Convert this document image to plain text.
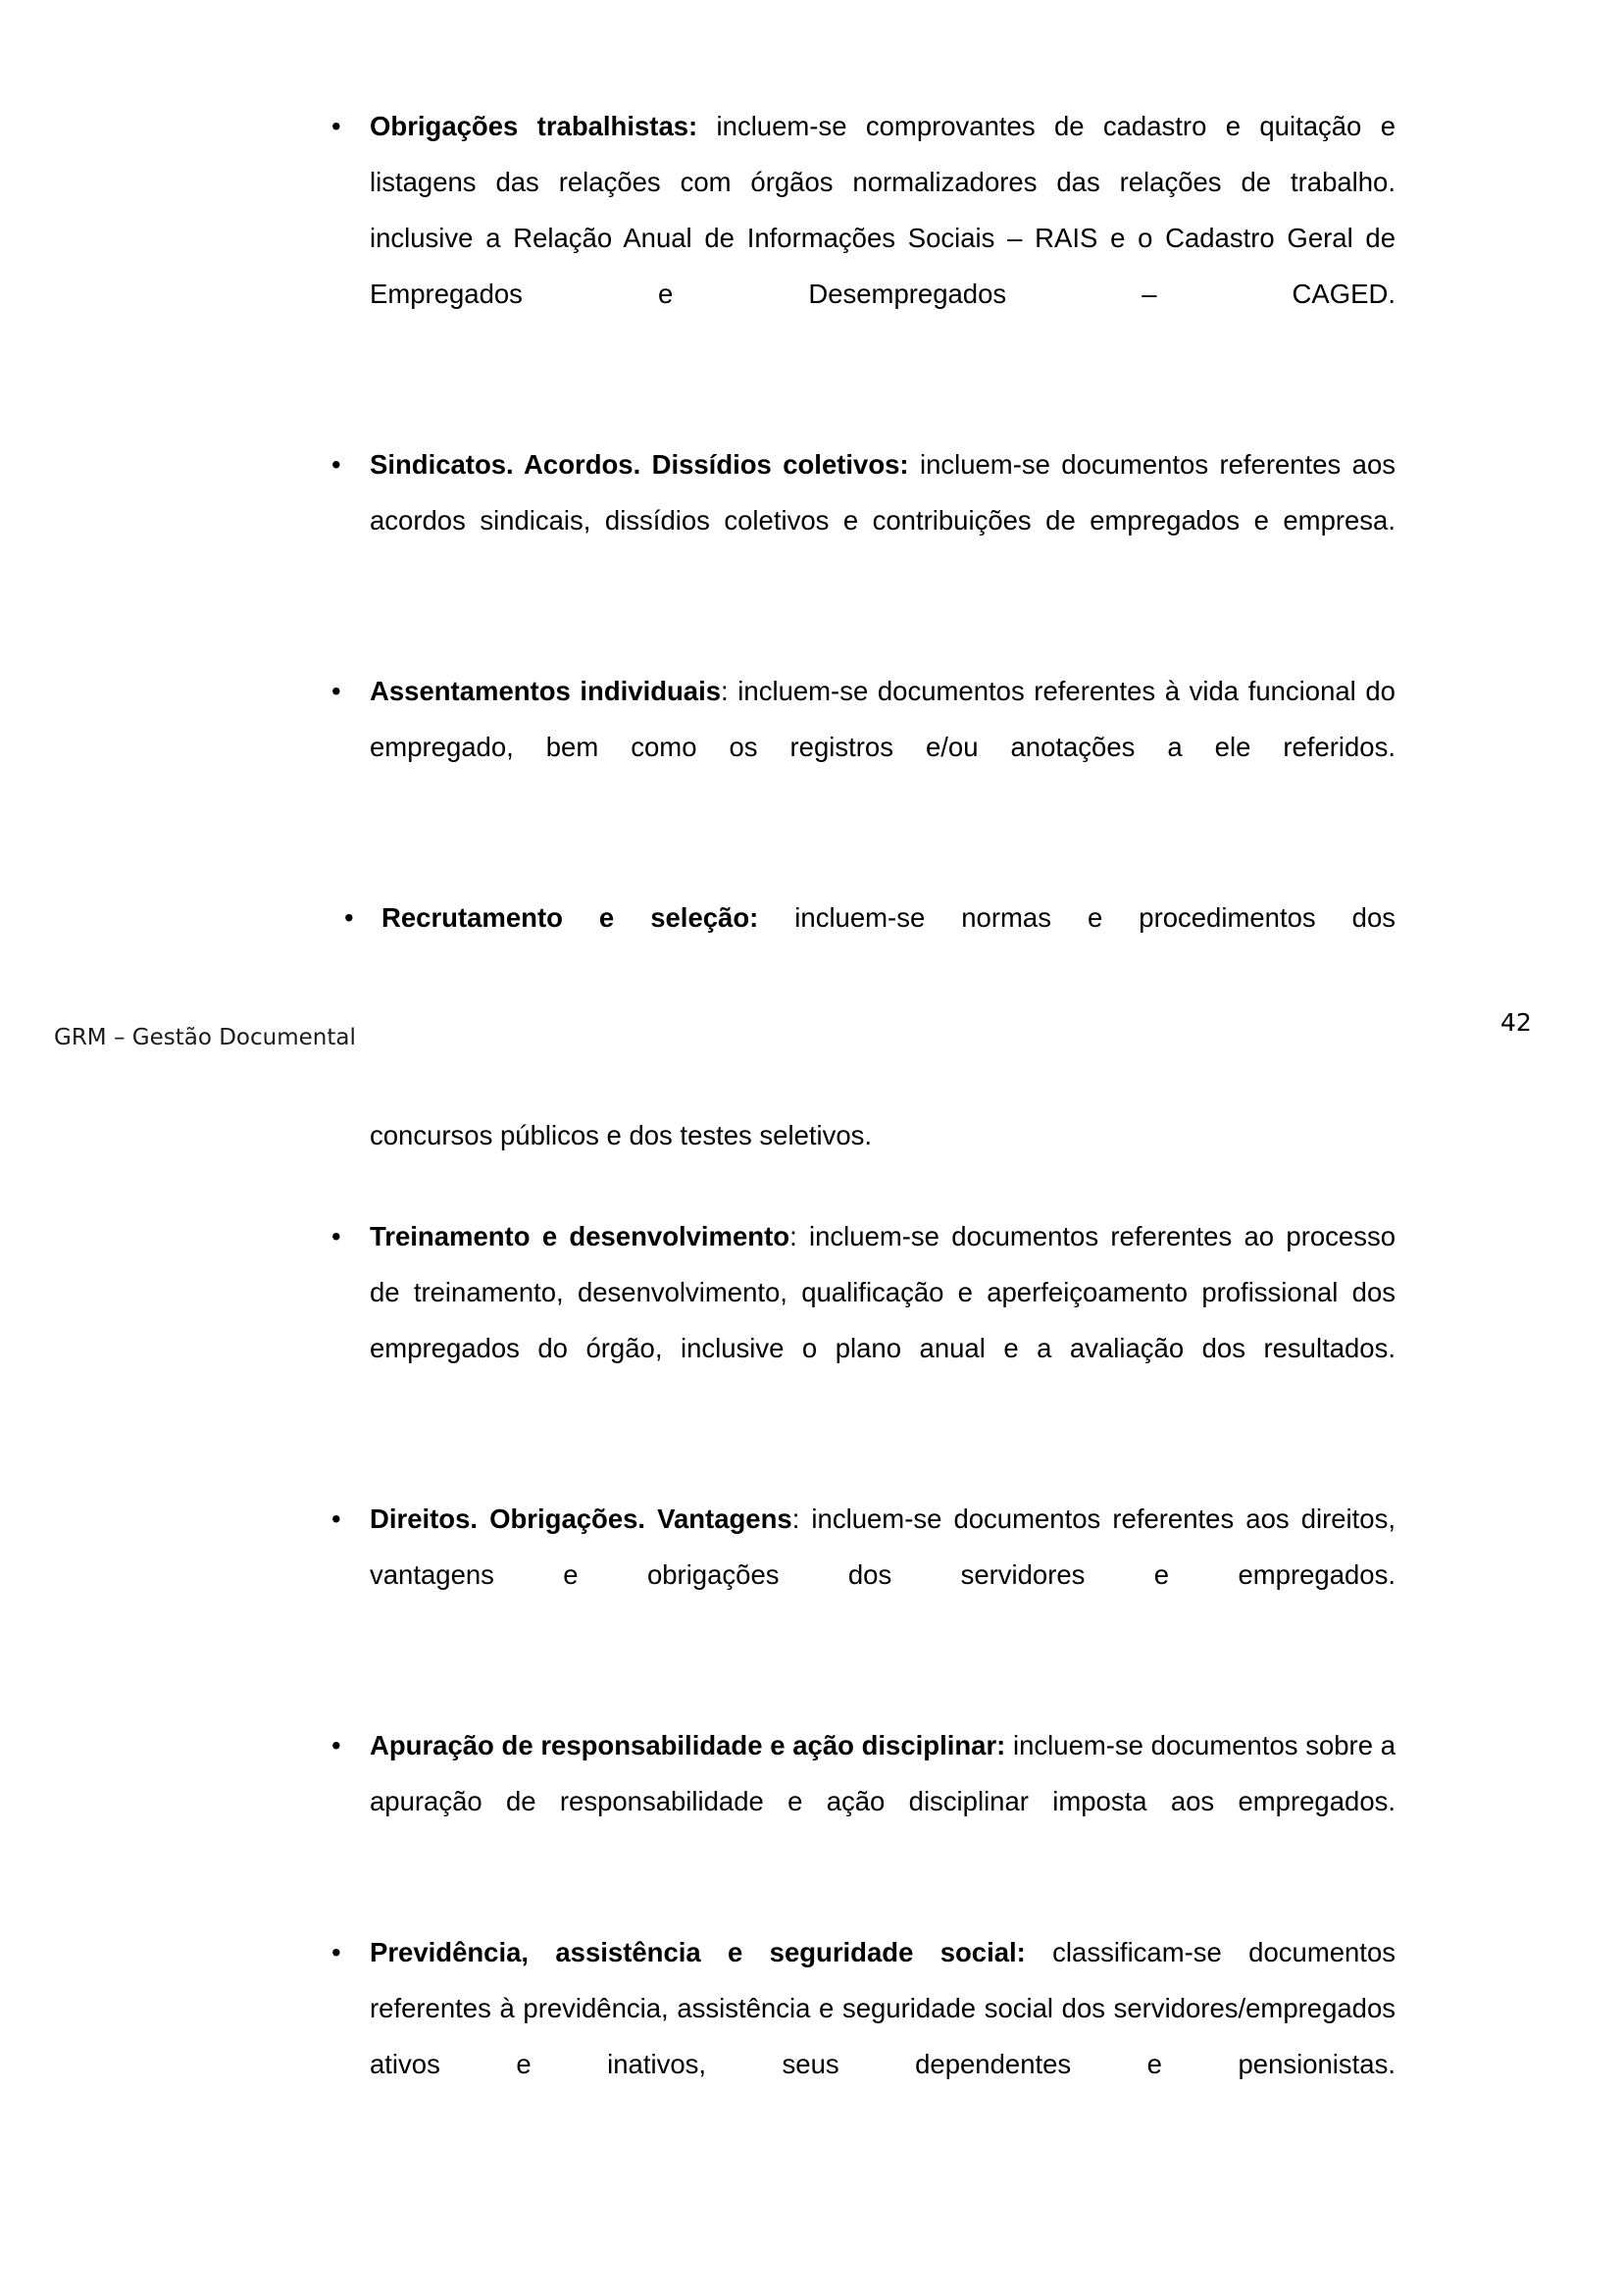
•	Obrigações trabalhistas: incluem-se comprovantes de cadastro e quitação e listagens das relações com órgãos normalizadores das relações de trabalho. inclusive a Relação Anual de Informações Sociais – RAIS e o Cadastro Geral de Empregados e Desempregados – CAGED.

•	Sindicatos. Acordos. Dissídios coletivos: incluem-se documentos referentes aos acordos sindicais, dissídios coletivos e contribuições de empregados e empresa.

•	Assentamentos individuais: incluem-se documentos referentes à vida funcional do empregado, bem como os registros e/ou anotações a ele referidos.

•	Recrutamento e seleção: incluem-se normas e procedimentos dos

concursos públicos e dos testes seletivos.

•	Treinamento e desenvolvimento: incluem-se documentos referentes ao processo de treinamento, desenvolvimento, qualificação e aperfeiçoamento profissional dos empregados do órgão, inclusive o plano anual e a avaliação dos resultados.

•	Direitos. Obrigações. Vantagens: incluem-se documentos referentes aos direitos, vantagens e obrigações dos servidores e empregados.

•	Apuração de responsabilidade e ação disciplinar: incluem-se documentos sobre a apuração de responsabilidade e ação disciplinar imposta aos empregados.

•	Previdência, assistência e seguridade social: classificam-se documentos referentes à previdência, assistência e seguridade social dos servidores/empregados ativos e inativos, seus dependentes e pensionistas.

GRM – Gestão Documental
42
